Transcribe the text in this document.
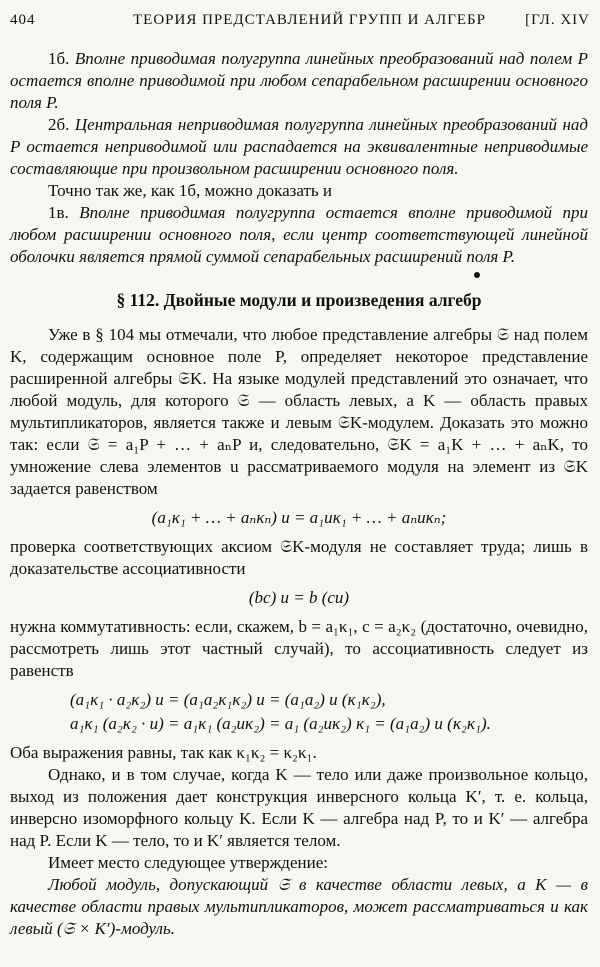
404	ТЕОРИЯ ПРЕДСТАВЛЕНИЙ ГРУПП И АЛГЕБР	[ГЛ. XIV

1б. Вполне приводимая полугруппа линейных преобразований над полем P остается вполне приводимой при любом сепарабельном расширении основного поля P.

2б. Центральная неприводимая полугруппа линейных преобразований над P остается неприводимой или распадается на эквивалентные неприводимые составляющие при произвольном расширении основного поля.

Точно так же, как 1б, можно доказать и

1в. Вполне приводимая полугруппа остается вполне приводимой при любом расширении основного поля, если центр соответствующей линейной оболочки является прямой суммой сепарабельных расширений поля P.

§ 112. Двойные модули и произведения алгебр

Уже в § 104 мы отмечали, что любое представление алгебры 𝔖 над полем K, содержащим основное поле P, определяет некоторое представление расширенной алгебры 𝔖K. На языке модулей представлений это означает, что любой модуль, для которого 𝔖 — область левых, а K — область правых мультипликаторов, является также и левым 𝔖K-модулем. Доказать это можно так: если 𝔖 = a₁P + … + aₙP и, следовательно, 𝔖K = a₁K + … + aₙK, то умножение слева элементов u рассматриваемого модуля на элемент из 𝔖K задается равенством

(a₁κ₁ + … + aₙκₙ) u = a₁uκ₁ + … + aₙuκₙ;

проверка соответствующих аксиом 𝔖K-модуля не составляет труда; лишь в доказательстве ассоциативности

(bc) u = b (cu)

нужна коммутативность: если, скажем, b = a₁κ₁, c = a₂κ₂ (достаточно, очевидно, рассмотреть лишь этот частный случай), то ассоциативность следует из равенств

(a₁κ₁ · a₂κ₂) u = (a₁a₂κ₁κ₂) u = (a₁a₂) u (κ₁κ₂),
a₁κ₁ (a₂κ₂ · u) = a₁κ₁ (a₂uκ₂) = a₁ (a₂uκ₂) κ₁ = (a₁a₂) u (κ₂κ₁).

Оба выражения равны, так как κ₁κ₂ = κ₂κ₁.

Однако, и в том случае, когда K — тело или даже произвольное кольцо, выход из положения дает конструкция инверсного кольца K′, т. е. кольца, инверсно изоморфного кольцу K. Если K — алгебра над P, то и K′ — алгебра над P. Если K — тело, то и K′ является телом.

Имеет место следующее утверждение:

Любой модуль, допускающий 𝔖 в качестве области левых, а K — в качестве области правых мультипликаторов, может рассматриваться и как левый (𝔖 × K′)-модуль.
